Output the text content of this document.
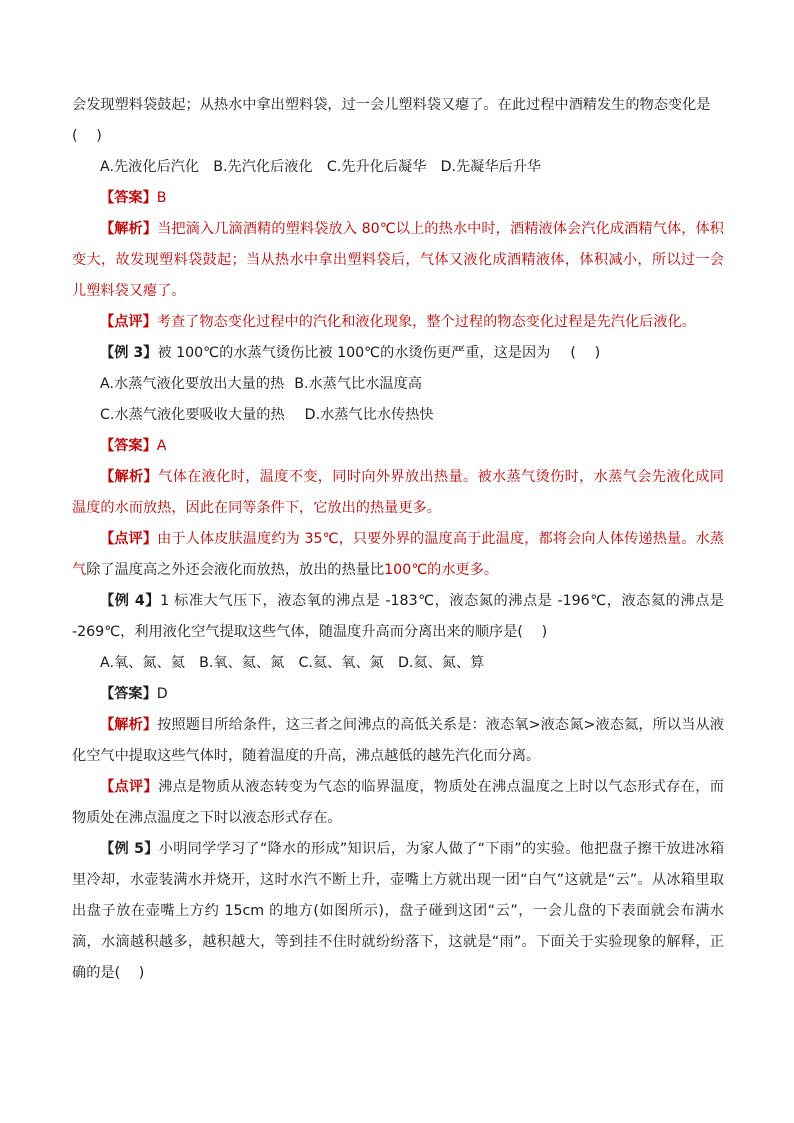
会发现塑料袋鼓起；从热水中拿出塑料袋，过一会儿塑料袋又瘪了。在此过程中酒精发生的物态变化是
(　 )

A.先液化后汽化　B.先汽化后液化　C.先升化后凝华　D.先凝华后升华

【答案】B

【解析】当把滴入几滴酒精的塑料袋放入 80℃以上的热水中时，酒精液体会汽化成酒精气体，体积变大，故发现塑料袋鼓起；当从热水中拿出塑料袋后，气体又液化成酒精液体，体积减小，所以过一会儿塑料袋又瘪了。

【点评】考查了物态变化过程中的汽化和液化现象，整个过程的物态变化过程是先汽化后液化。

【例 3】被 100℃的水蒸气烫伤比被 100℃的水烫伤更严重，这是因为 (　 )

A.水蒸气液化要放出大量的热 B.水蒸气比水温度高

C.水蒸气液化要吸收大量的热 D.水蒸气比水传热快

【答案】A

【解析】气体在液化时，温度不变，同时向外界放出热量。被水蒸气烫伤时，水蒸气会先液化成同温度的水而放热，因此在同等条件下，它放出的热量更多。

【点评】由于人体皮肤温度约为 35℃，只要外界的温度高于此温度，都将会向人体传递热量。水蒸气除了温度高之外还会液化而放热，放出的热量比100℃的水更多。

【例 4】1 标准大气压下，液态氧的沸点是 -183℃，液态氮的沸点是 -196℃，液态氦的沸点是 -269℃，利用液化空气提取这些气体，随温度升高而分离出来的顺序是(　 )

A.氧、氮、氦　B.氧、氦、氮　C.氦、氧、氮　D.氦、氮、算

【答案】D

【解析】按照题目所给条件，这三者之间沸点的高低关系是：液态氧>液态氮>液态氦，所以当从液化空气中提取这些气体时，随着温度的升高，沸点越低的越先汽化而分离。

【点评】沸点是物质从液态转变为气态的临界温度，物质处在沸点温度之上时以气态形式存在，而物质处在沸点温度之下时以液态形式存在。

【例 5】小明同学学习了“降水的形成”知识后，为家人做了“下雨”的实验。他把盘子擦干放进冰箱里冷却，水壶装满水并烧开，这时水汽不断上升，壶嘴上方就出现一团“白气”这就是“云”。从冰箱里取出盘子放在壶嘴上方约 15cm 的地方(如图所示)，盘子碰到这团“云”，一会儿盘的下表面就会布满水滴，水滴越积越多，越积越大，等到挂不住时就纷纷落下，这就是“雨”。下面关于实验现象的解释，正确的是(　 )
